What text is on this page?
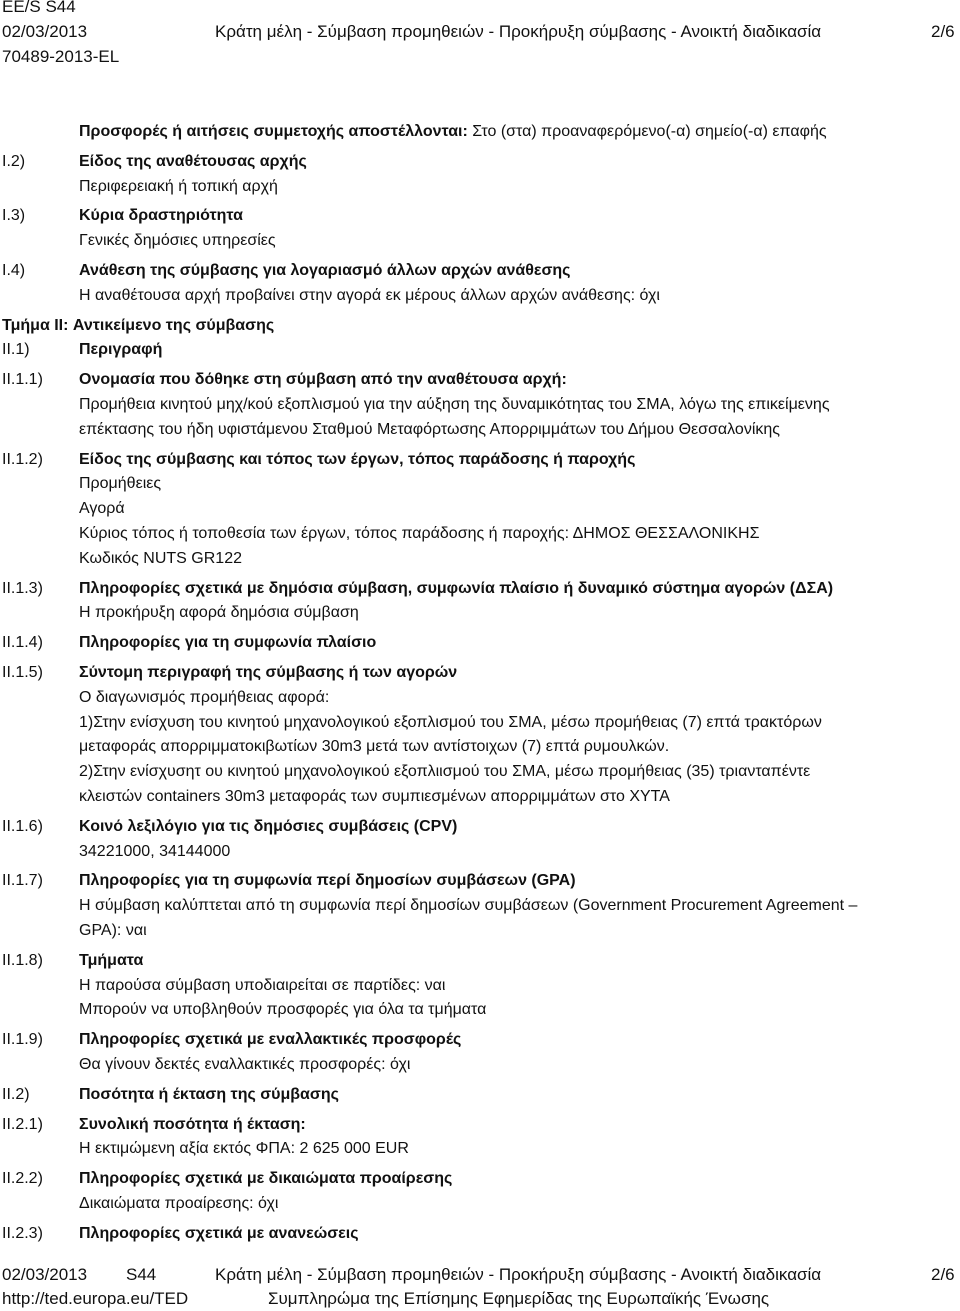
EE/S S44
02/03/2013
70489-2013-EL
Κράτη μέλη - Σύμβαση προμηθειών - Προκήρυξη σύμβασης - Ανοικτή διαδικασία	2/6
Προσφορές ή αιτήσεις συμμετοχής αποστέλλονται: Στο (στα) προαναφερόμενο(-α) σημείο(-α) επαφής
I.2)	Είδος της αναθέτουσας αρχής
Περιφερειακή ή τοπική αρχή
I.3)	Κύρια δραστηριότητα
Γενικές δημόσιες υπηρεσίες
I.4)	Ανάθεση της σύμβασης για λογαριασμό άλλων αρχών ανάθεσης
Η αναθέτουσα αρχή προβαίνει στην αγορά εκ μέρους άλλων αρχών ανάθεσης: όχι
Τμήμα II: Αντικείμενο της σύμβασης
II.1)	Περιγραφή
II.1.1) Ονομασία που δόθηκε στη σύμβαση από την αναθέτουσα αρχή:
Προμήθεια κινητού μηχ/κού εξοπλισμού για την αύξηση της δυναμικότητας του ΣΜΑ, λόγω της επικείμενης
επέκτασης του ήδη υφιστάμενου Σταθμού Μεταφόρτωσης Απορριμμάτων του Δήμου Θεσσαλονίκης
II.1.2) Είδος της σύμβασης και τόπος των έργων, τόπος παράδοσης ή παροχής
Προμήθειες
Αγορά
Κύριος τόπος ή τοποθεσία των έργων, τόπος παράδοσης ή παροχής: ΔΗΜΟΣ ΘΕΣΣΑΛΟΝΙΚΗΣ
Κωδικός NUTS GR122
II.1.3) Πληροφορίες σχετικά με δημόσια σύμβαση, συμφωνία πλαίσιο ή δυναμικό σύστημα αγορών (ΔΣΑ)
Η προκήρυξη αφορά δημόσια σύμβαση
II.1.4) Πληροφορίες για τη συμφωνία πλαίσιο
II.1.5) Σύντομη περιγραφή της σύμβασης ή των αγορών
Ο διαγωνισμός προμήθειας αφορά:
1)Στην ενίσχυση του κινητού μηχανολογικού εξοπλισμού του ΣΜΑ, μέσω προμήθειας (7) επτά τρακτόρων
μεταφοράς απορριμματοκιβωτίων 30m3 μετά των αντίστοιχων (7) επτά ρυμουλκών.
2)Στην ενίσχυσητ ου κινητού μηχανολογικού εξοπλιισμού του ΣΜΑ, μέσω προμήθειας (35) τριανταπέντε
κλειστών containers 30m3 μεταφοράς των συμπιεσμένων απορριμμάτων στο ΧΥΤΑ
II.1.6) Κοινό λεξιλόγιο για τις δημόσιες συμβάσεις (CPV)
34221000, 34144000
II.1.7) Πληροφορίες για τη συμφωνία περί δημοσίων συμβάσεων (GPA)
Η σύμβαση καλύπτεται από τη συμφωνία περί δημοσίων συμβάσεων (Government Procurement Agreement –
GPA): ναι
II.1.8) Τμήματα
Η παρούσα σύμβαση υποδιαιρείται σε παρτίδες: ναι
Μπορούν να υποβληθούν προσφορές για όλα τα τμήματα
II.1.9) Πληροφορίες σχετικά με εναλλακτικές προσφορές
Θα γίνουν δεκτές εναλλακτικές προσφορές: όχι
II.2)	Ποσότητα ή έκταση της σύμβασης
II.2.1) Συνολική ποσότητα ή έκταση:
Η εκτιμώμενη αξία εκτός ΦΠΑ: 2 625 000 EUR
II.2.2) Πληροφορίες σχετικά με δικαιώματα προαίρεσης
Δικαιώματα προαίρεσης: όχι
II.2.3) Πληροφορίες σχετικά με ανανεώσεις
02/03/2013 S44
http://ted.europa.eu/TED
Κράτη μέλη - Σύμβαση προμηθειών - Προκήρυξη σύμβασης - Ανοικτή διαδικασία
Συμπληρώμα της Επίσημης Εφημερίδας της Ευρωπαϊκής Ένωσης
2/6
